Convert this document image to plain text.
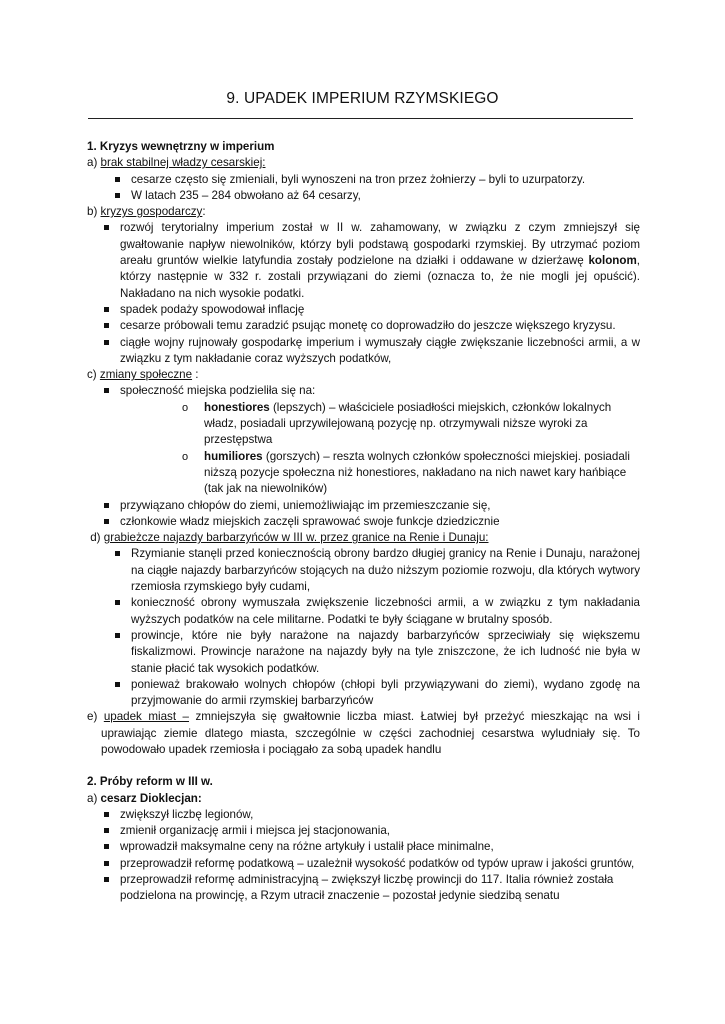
9. UPADEK IMPERIUM RZYMSKIEGO

1. Kryzys wewnętrzny w imperium

a) brak stabilnej władzy cesarskiej:

cesarze często się zmieniali, byli wynoszeni na tron przez żołnierzy – byli to uzurpatorzy.
W latach 235 – 284 obwołano aż 64 cesarzy,

b) kryzys gospodarczy:

rozwój terytorialny imperium został w II w. zahamowany, w związku z czym zmniejszył się gwałtowanie napływ niewolników, którzy byli podstawą gospodarki rzymskiej. By utrzymać poziom areału gruntów wielkie latyfundia zostały podzielone na działki i oddawane w dzierżawę kolonom, którzy następnie w 332 r. zostali przywiązani do ziemi (oznacza to, że nie mogli jej opuścić). Nakładano na nich wysokie podatki.
spadek podaży spowodował inflację
cesarze próbowali temu zaradzić psując monetę co doprowadziło do jeszcze większego kryzysu.
ciągłe wojny rujnowały gospodarkę imperium i wymuszały ciągłe zwiększanie liczebności armii, a w związku z tym nakładanie coraz wyższych podatków,

c) zmiany społeczne :

społeczność miejska podzieliła się na:
o honestiores (lepszych) – właściciele posiadłości miejskich, członków lokalnych władz, posiadali uprzywilejowaną pozycję np. otrzymywali niższe wyroki za przestępstwa
o humiliores (gorszych) – reszta wolnych członków społeczności miejskiej. posiadali niższą pozycje społeczna niż honestiores, nakładano na nich nawet kary hańbiące (tak jak na niewolników)
przywiązano chłopów do ziemi, uniemożliwiając im przemieszczanie się,
członkowie władz miejskich zaczęli sprawować swoje funkcje dziedzicznie

d) grabieżcze najazdy barbarzyńców w III w. przez granice na Renie i Dunaju:

Rzymianie stanęli przed koniecznością obrony bardzo długiej granicy na Renie i Dunaju, narażonej na ciągłe najazdy barbarzyńców stojących na dużo niższym poziomie rozwoju, dla których wytwory rzemiosła rzymskiego były cudami,
konieczność obrony wymuszała zwiększenie liczebności armii, a w związku z tym nakładania wyższych podatków na cele militarne. Podatki te były ściągane w brutalny sposób.
prowincje, które nie były narażone na najazdy barbarzyńców sprzeciwiały się większemu fiskalizmowi. Prowincje narażone na najazdy były na tyle zniszczone, że ich ludność nie była w stanie płacić tak wysokich podatków.
ponieważ brakowało wolnych chłopów (chłopi byli przywiązywani do ziemi), wydano zgodę na przyjmowanie do armii rzymskiej barbarzyńców

e) upadek miast – zmniejszyła się gwałtownie liczba miast. Łatwiej był przeżyć mieszkając na wsi i uprawiając ziemie dlatego miasta, szczególnie w części zachodniej cesarstwa wyludniały się. To powodowało upadek rzemiosła i pociągało za sobą upadek handlu

2. Próby reform w III w.

a) cesarz Dioklecjan:

zwiększył liczbę legionów,
zmienił organizację armii i miejsca jej stacjonowania,
wprowadził maksymalne ceny na różne artykuły i ustalił płace minimalne,
przeprowadził reformę podatkową – uzależnił wysokość podatków od typów upraw i jakości gruntów,
przeprowadził reformę administracyjną – zwiększył liczbę prowincji do 117. Italia również została podzielona na prowincję, a Rzym utracił znaczenie – pozostał jedynie siedzibą senatu
